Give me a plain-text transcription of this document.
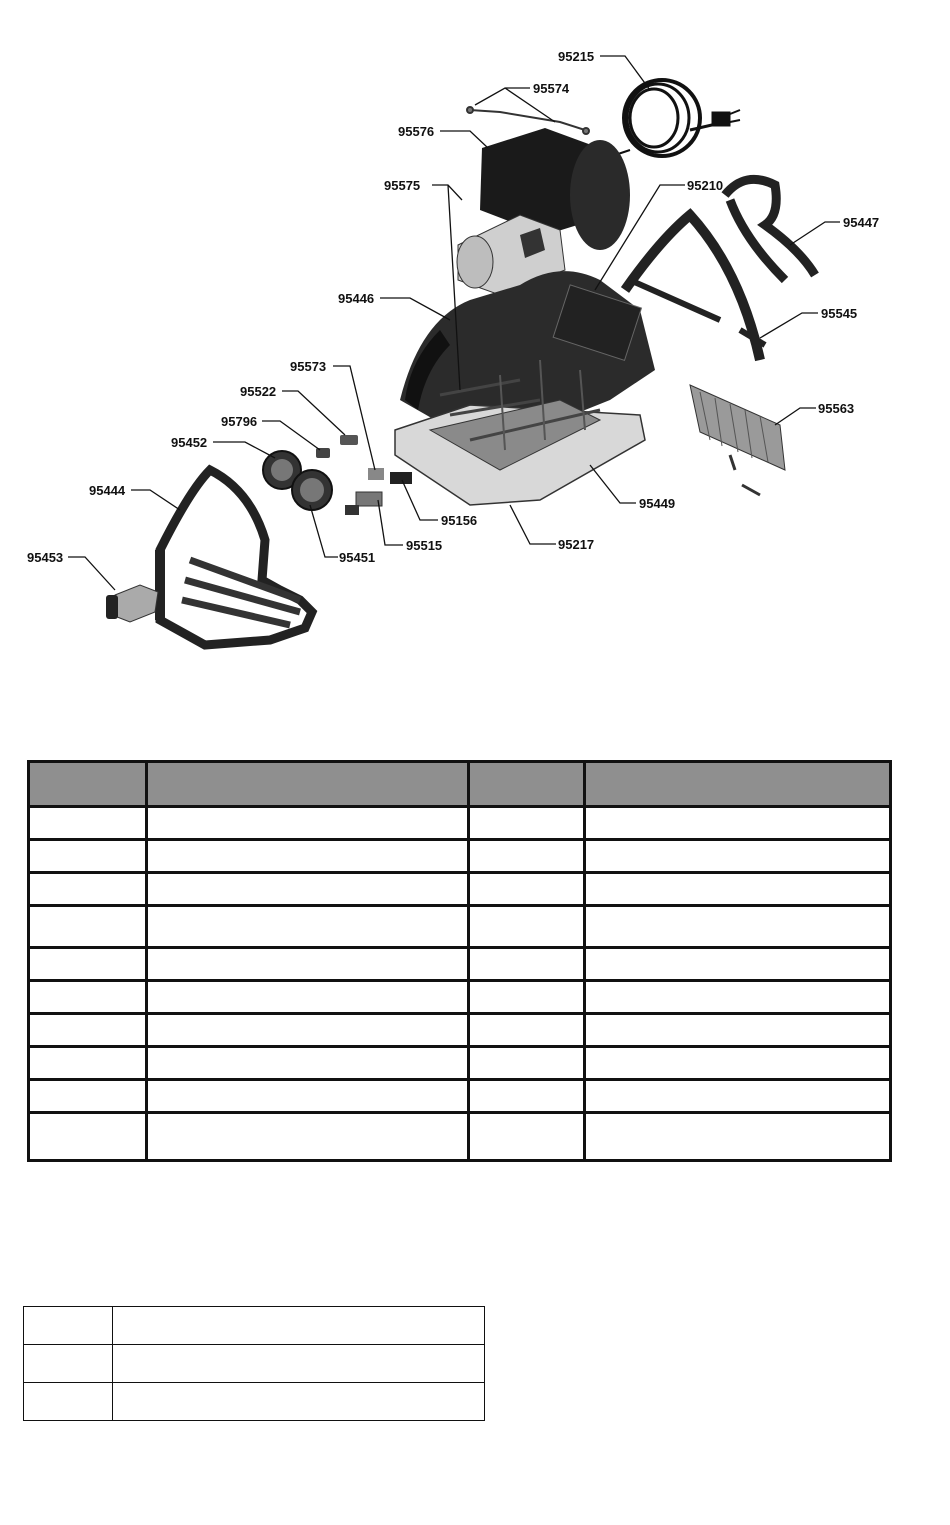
95215
95574
95576
95575	95210
95447
95446
95545
95573
95522
95563
95796
95452
95444
95449
95156
95515	95217
95451
95453
